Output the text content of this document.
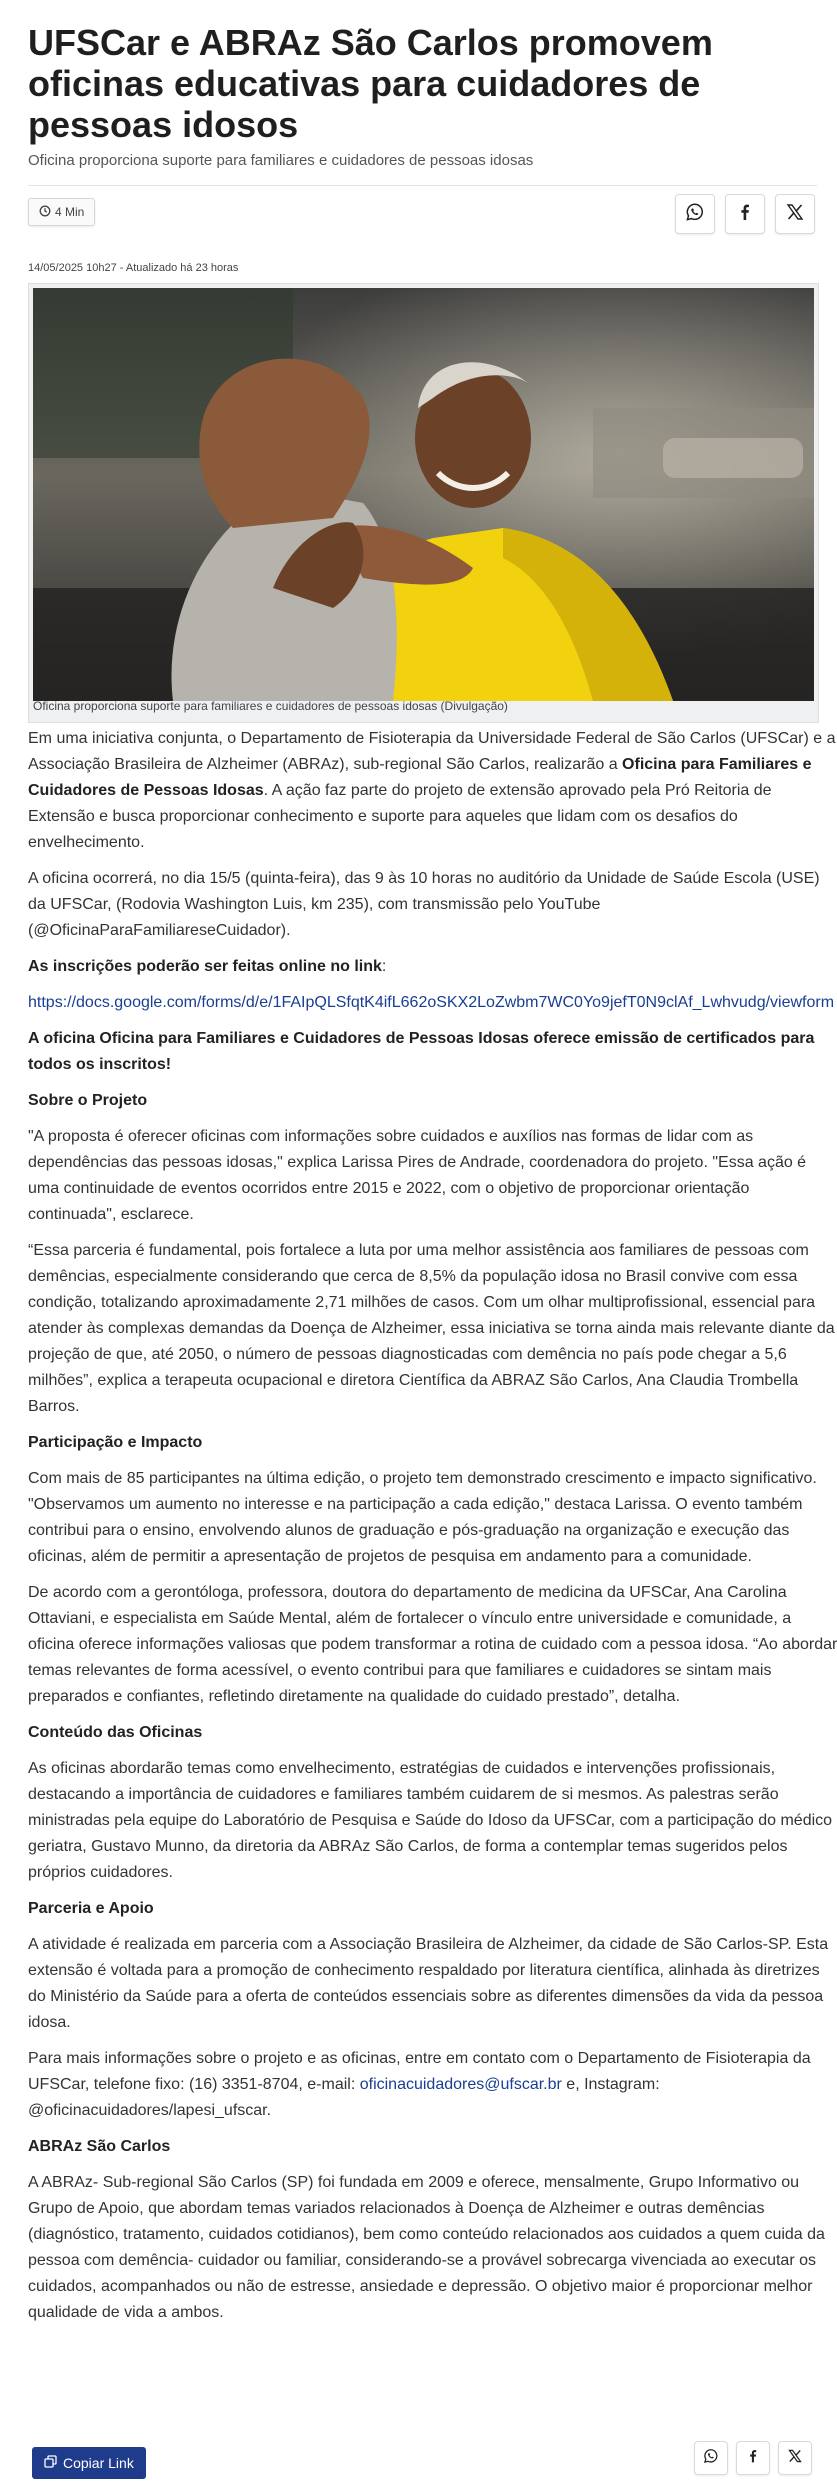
UFSCar e ABRAz São Carlos promovem oficinas educativas para cuidadores de pessoas idosos

Oficina proporciona suporte para familiares e cuidadores de pessoas idosas

4 Min
14/05/2025 10h27 - Atualizado há 23 horas
Oficina proporciona suporte para familiares e cuidadores de pessoas idosas (Divulgação)

Em uma iniciativa conjunta, o Departamento de Fisioterapia da Universidade Federal de São Carlos (UFSCar) e a Associação Brasileira de Alzheimer (ABRAz), sub-regional São Carlos, realizarão a Oficina para Familiares e Cuidadores de Pessoas Idosas. A ação faz parte do projeto de extensão aprovado pela Pró Reitoria de Extensão e busca proporcionar conhecimento e suporte para aqueles que lidam com os desafios do envelhecimento.

A oficina ocorrerá, no dia 15/5 (quinta-feira), das 9 às 10 horas no auditório da Unidade de Saúde Escola (USE) da UFSCar, (Rodovia Washington Luis, km 235), com transmissão pelo YouTube (@OficinaParaFamiliareseCuidador).

As inscrições poderão ser feitas online no link:

https://docs.google.com/forms/d/e/1FAIpQLSfqtK4ifL662oSKX2LoZwbm7WC0Yo9jefT0N9clAf_Lwhvudg/viewform

A oficina Oficina para Familiares e Cuidadores de Pessoas Idosas oferece emissão de certificados para todos os inscritos!

Sobre o Projeto

"A proposta é oferecer oficinas com informações sobre cuidados e auxílios nas formas de lidar com as dependências das pessoas idosas," explica Larissa Pires de Andrade, coordenadora do projeto. "Essa ação é uma continuidade de eventos ocorridos entre 2015 e 2022, com o objetivo de proporcionar orientação continuada", esclarece.

“Essa parceria é fundamental, pois fortalece a luta por uma melhor assistência aos familiares de pessoas com demências, especialmente considerando que cerca de 8,5% da população idosa no Brasil convive com essa condição, totalizando aproximadamente 2,71 milhões de casos. Com um olhar multiprofissional, essencial para atender às complexas demandas da Doença de Alzheimer, essa iniciativa se torna ainda mais relevante diante da projeção de que, até 2050, o número de pessoas diagnosticadas com demência no país pode chegar a 5,6 milhões”, explica a terapeuta ocupacional e diretora Científica da ABRAZ São Carlos, Ana Claudia Trombella Barros.

Participação e Impacto

Com mais de 85 participantes na última edição, o projeto tem demonstrado crescimento e impacto significativo. "Observamos um aumento no interesse e na participação a cada edição," destaca Larissa. O evento também contribui para o ensino, envolvendo alunos de graduação e pós-graduação na organização e execução das oficinas, além de permitir a apresentação de projetos de pesquisa em andamento para a comunidade.

De acordo com a gerontóloga, professora, doutora do departamento de medicina da UFSCar, Ana Carolina Ottaviani, e especialista em Saúde Mental, além de fortalecer o vínculo entre universidade e comunidade, a oficina oferece informações valiosas que podem transformar a rotina de cuidado com a pessoa idosa. “Ao abordar temas relevantes de forma acessível, o evento contribui para que familiares e cuidadores se sintam mais preparados e confiantes, refletindo diretamente na qualidade do cuidado prestado”, detalha.

Conteúdo das Oficinas

As oficinas abordarão temas como envelhecimento, estratégias de cuidados e intervenções profissionais, destacando a importância de cuidadores e familiares também cuidarem de si mesmos. As palestras serão ministradas pela equipe do Laboratório de Pesquisa e Saúde do Idoso da UFSCar, com a participação do médico geriatra, Gustavo Munno, da diretoria da ABRAz São Carlos, de forma a contemplar temas sugeridos pelos próprios cuidadores.

Parceria e Apoio

A atividade é realizada em parceria com a Associação Brasileira de Alzheimer, da cidade de São Carlos-SP. Esta extensão é voltada para a promoção de conhecimento respaldado por literatura científica, alinhada às diretrizes do Ministério da Saúde para a oferta de conteúdos essenciais sobre as diferentes dimensões da vida da pessoa idosa.

Para mais informações sobre o projeto e as oficinas, entre em contato com o Departamento de Fisioterapia da UFSCar, telefone fixo: (16) 3351-8704, e-mail: oficinacuidadores@ufscar.br e, Instagram: @oficinacuidadores/lapesi_ufscar.

ABRAz São Carlos

A ABRAz- Sub-regional São Carlos (SP) foi fundada em 2009 e oferece, mensalmente, Grupo Informativo ou Grupo de Apoio, que abordam temas variados relacionados à Doença de Alzheimer e outras demências (diagnóstico, tratamento, cuidados cotidianos), bem como conteúdo relacionados aos cuidados a quem cuida da pessoa com demência- cuidador ou familiar, considerando-se a provável sobrecarga vivenciada ao executar os cuidados, acompanhados ou não de estresse, ansiedade e depressão. O objetivo maior é proporcionar melhor qualidade de vida a ambos.

Copiar Link
